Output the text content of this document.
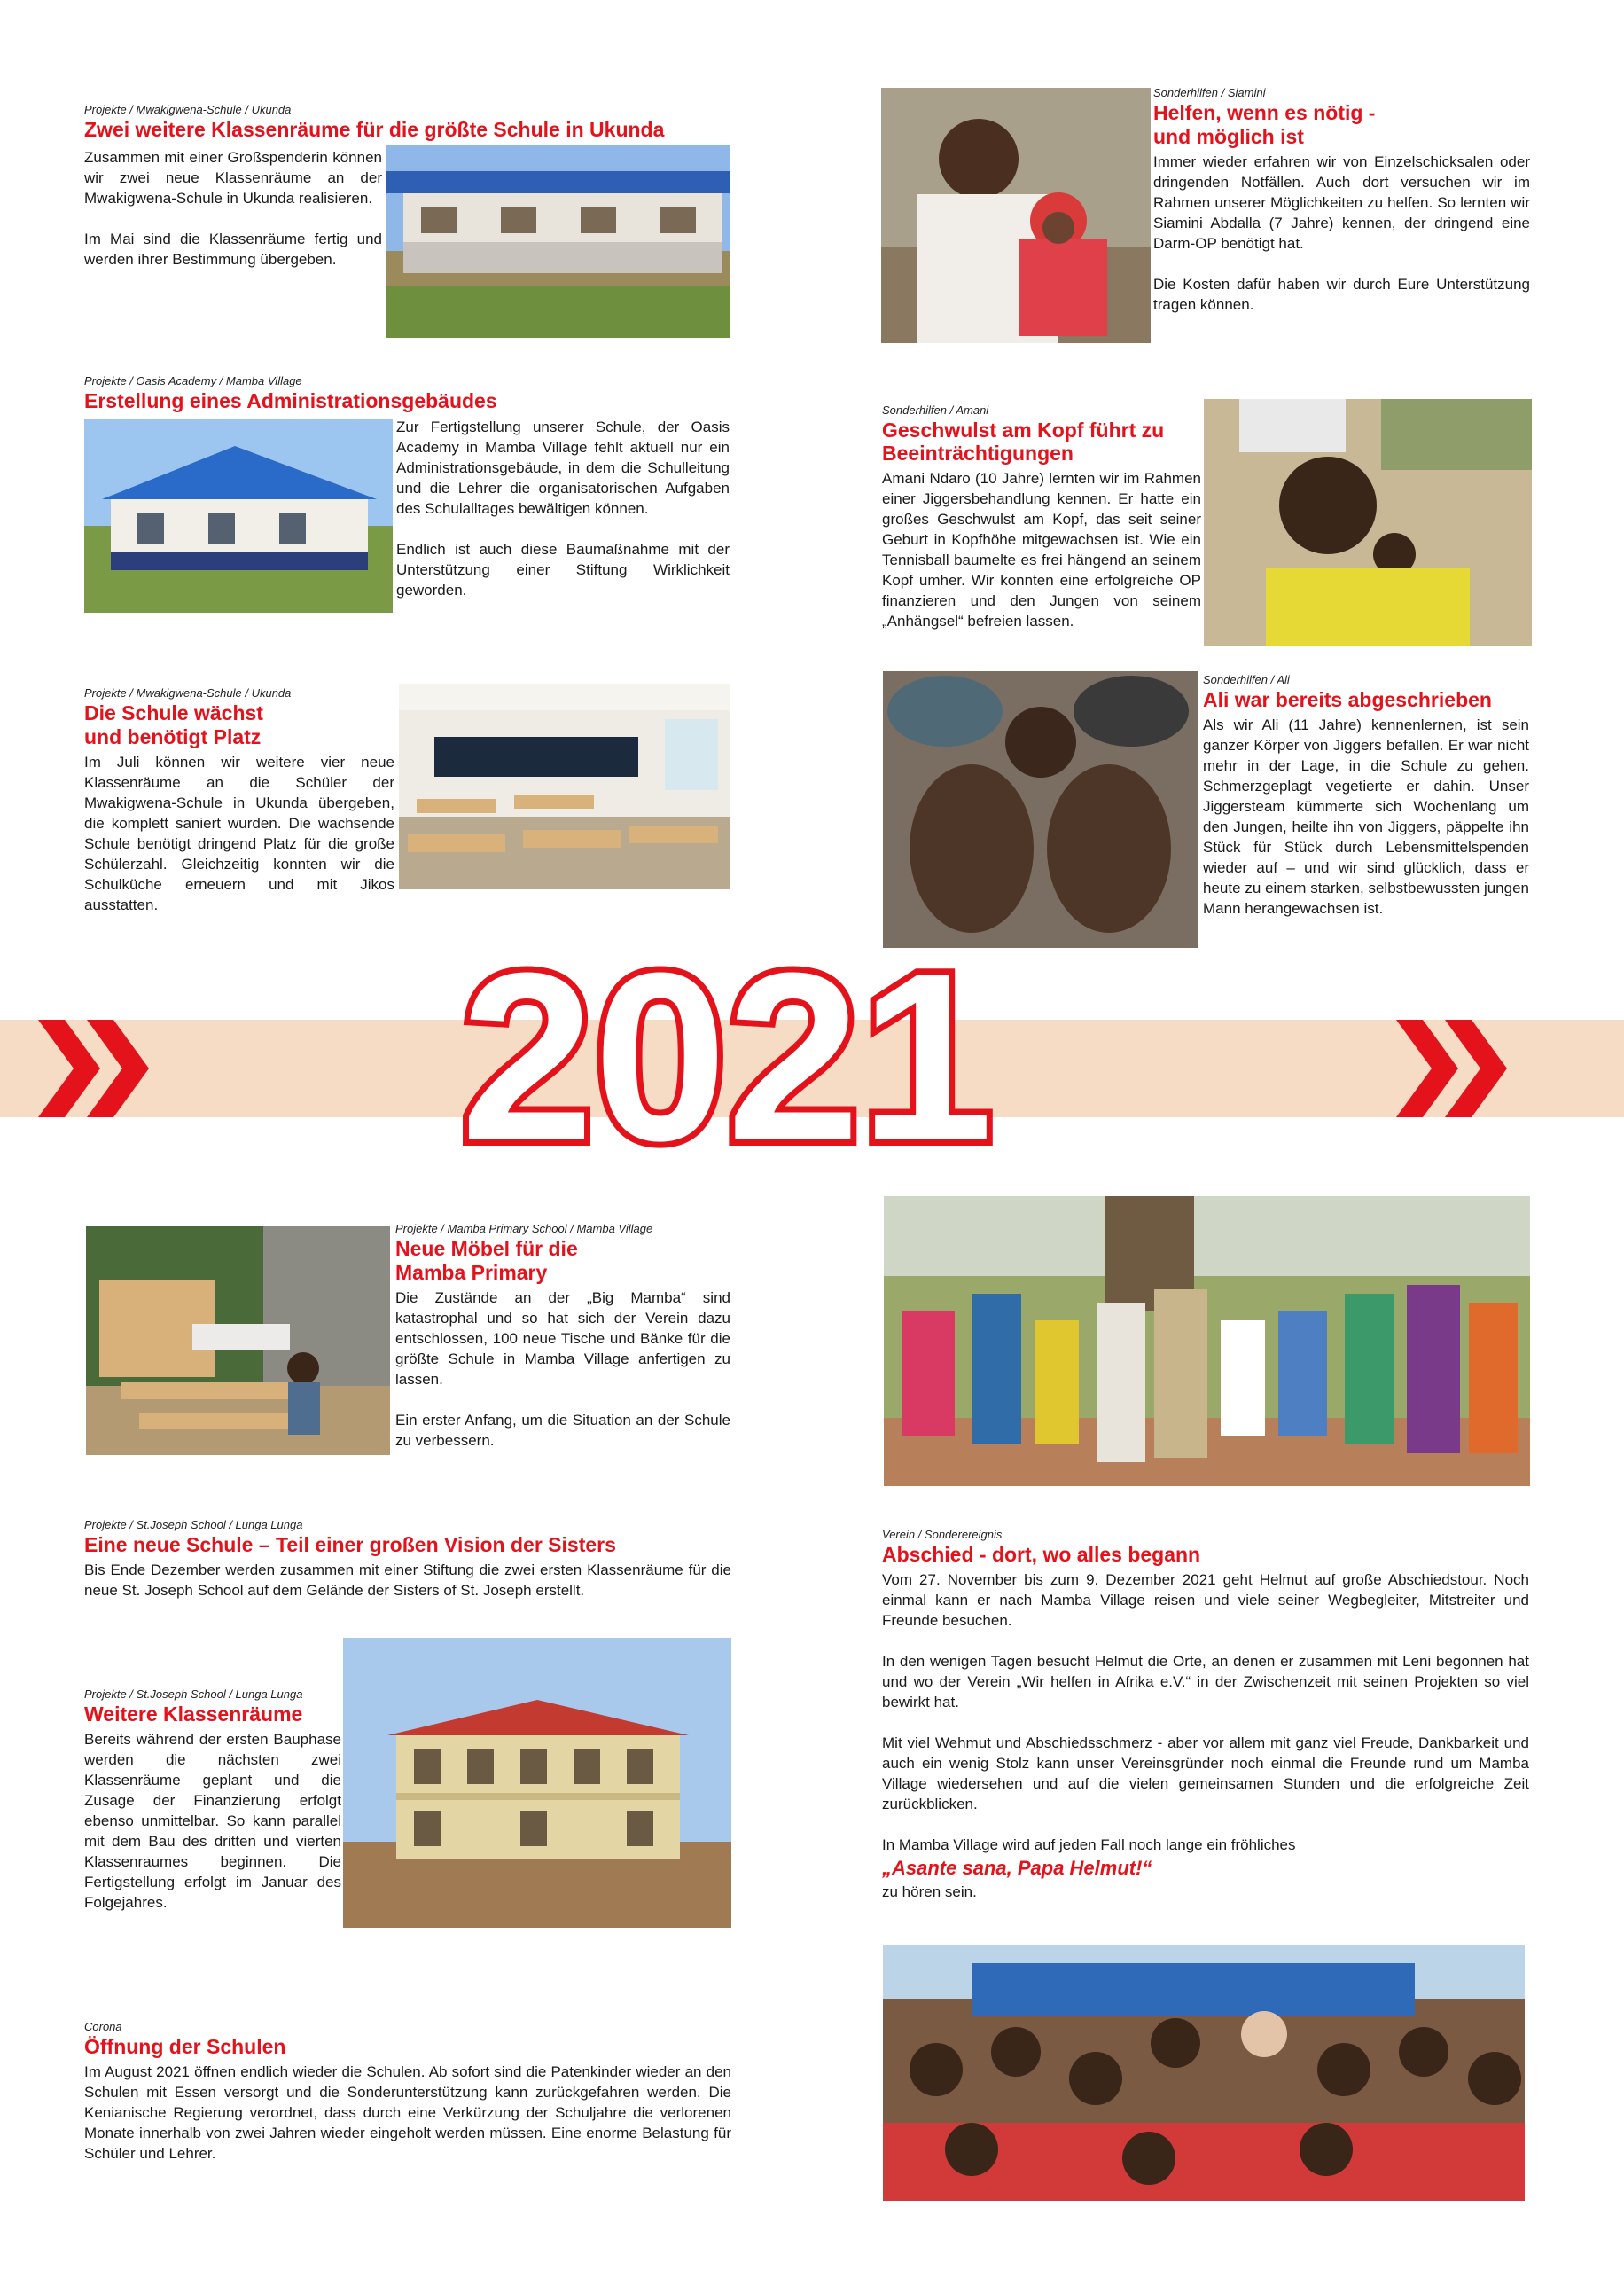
Projekte / Mwakigwena-Schule / Ukunda
Zwei weitere Klassenräume für die größte Schule in Ukunda

Zusammen mit einer Großspenderin können wir zwei neue Klassenräume an der Mwakigwena-Schule in Ukunda realisieren.

Im Mai sind die Klassenräume fertig und werden ihrer Bestimmung übergeben.

Projekte / Oasis Academy / Mamba Village
Erstellung eines Administrationsgebäudes

Zur Fertigstellung unserer Schule, der Oasis Academy in Mamba Village fehlt aktuell nur ein Administrationsgebäude, in dem die Schulleitung und die Lehrer die organisatorischen Aufgaben des Schulalltages bewältigen können.

Endlich ist auch diese Baumaßnahme mit der Unterstützung einer Stiftung Wirklichkeit geworden.

Projekte / Mwakigwena-Schule / Ukunda
Die Schule wächst
und benötigt Platz
Im Juli können wir weitere vier neue Klassenräume an die Schüler der Mwakigwena-Schule in Ukunda übergeben, die komplett saniert wurden. Die wachsende Schule benötigt dringend Platz für die große Schülerzahl. Gleichzeitig konnten wir die Schulküche erneuern und mit Jikos ausstatten.
Sonderhilfen / Siamini
Helfen, wenn es nötig -
und möglich ist

Immer wieder erfahren wir von Einzelschicksalen oder dringenden Notfällen. Auch dort versuchen wir im Rahmen unserer Möglichkeiten zu helfen. So lernten wir Siamini Abdalla (7 Jahre) kennen, der dringend eine Darm-OP benötigt hat.

Die Kosten dafür haben wir durch Eure Unterstützung tragen können.

Sonderhilfen / Amani
Geschwulst am Kopf führt zu
Beeinträchtigungen
Amani Ndaro (10 Jahre) lernten wir im Rahmen einer Jiggersbehandlung kennen. Er hatte ein großes Geschwulst am Kopf, das seit seiner Geburt in Kopfhöhe mitgewachsen ist. Wie ein Tennisball baumelte es frei hängend an seinem Kopf umher. Wir konnten eine erfolgreiche OP finanzieren und den Jungen von seinem „Anhängsel“ befreien lassen.
Sonderhilfen / Ali
Ali war bereits abgeschrieben
Als wir Ali (11 Jahre) kennenlernen, ist sein ganzer Körper von Jiggers befallen. Er war nicht mehr in der Lage, in die Schule zu gehen. Schmerzgeplagt vegetierte er dahin. Unser Jiggersteam kümmerte sich Wochenlang um den Jungen, heilte ihn von Jiggers, päppelte ihn Stück für Stück durch Lebensmittelspenden wieder auf – und wir sind glücklich, dass er heute zu einem starken, selbstbewussten jungen Mann herangewachsen ist.
2021
Projekte / Mamba Primary School / Mamba Village
Neue Möbel für die
Mamba Primary

Die Zustände an der „Big Mamba“ sind katastrophal und so hat sich der Verein dazu entschlossen, 100 neue Tische und Bänke für die größte Schule in Mamba Village anfertigen zu lassen.

Ein erster Anfang, um die Situation an der Schule zu verbessern.

Projekte / St.Joseph School / Lunga Lunga
Eine neue Schule – Teil einer großen Vision der Sisters
Bis Ende Dezember werden zusammen mit einer Stiftung die zwei ersten Klassenräume für die neue St. Joseph School auf dem Gelände der Sisters of St. Joseph erstellt.
Projekte / St.Joseph School / Lunga Lunga
Weitere Klassenräume
Bereits während der ersten Bauphase werden die nächsten zwei Klassenräume geplant und die Zusage der Finanzierung erfolgt ebenso unmittelbar. So kann parallel mit dem Bau des dritten und vierten Klassenraumes beginnen. Die Fertigstellung erfolgt im Januar des Folgejahres.
Verein / Sonderereignis
Abschied - dort, wo alles begann

Vom 27. November bis zum 9. Dezember 2021 geht Helmut auf große Abschiedstour. Noch einmal kann er nach Mamba Village reisen und viele seiner Wegbegleiter, Mitstreiter und Freunde besuchen.

In den wenigen Tagen besucht Helmut die Orte, an denen er zusammen mit Leni begonnen hat und wo der Verein „Wir helfen in Afrika e.V.“ in der Zwischenzeit mit seinen Projekten so viel bewirkt hat.

Mit viel Wehmut und Abschiedsschmerz - aber vor allem mit ganz viel Freude, Dankbarkeit und auch ein wenig Stolz kann unser Vereinsgründer noch einmal die Freunde rund um Mamba Village wiedersehen und auf die vielen gemeinsamen Stunden und die erfolgreiche Zeit zurückblicken.

In Mamba Village wird auf jeden Fall noch lange ein fröhliches

„Asante sana, Papa Helmut!“
zu hören sein.
Corona
Öffnung der Schulen
Im August 2021 öffnen endlich wieder die Schulen. Ab sofort sind die Patenkinder wieder an den Schulen mit Essen versorgt und die Sonderunterstützung kann zurückgefahren werden. Die Kenianische Regierung verordnet, dass durch eine Verkürzung der Schuljahre die verlorenen Monate innerhalb von zwei Jahren wieder eingeholt werden müssen. Eine enorme Belastung für Schüler und Lehrer.
